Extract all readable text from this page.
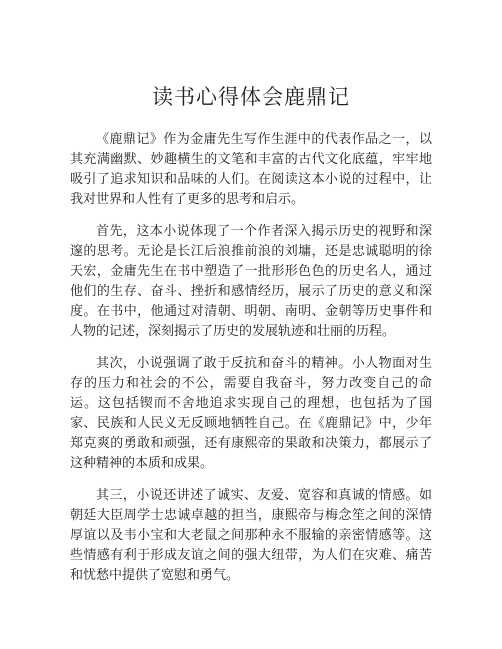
读书心得体会鹿鼎记

《鹿鼎记》作为金庸先生写作生涯中的代表作品之一，以其充满幽默、妙趣横生的文笔和丰富的古代文化底蕴，牢牢地吸引了追求知识和品味的人们。在阅读这本小说的过程中，让我对世界和人性有了更多的思考和启示。

首先，这本小说体现了一个作者深入揭示历史的视野和深邃的思考。无论是长江后浪推前浪的刘墉，还是忠诚聪明的徐天宏，金庸先生在书中塑造了一批形形色色的历史名人，通过他们的生存、奋斗、挫折和感情经历，展示了历史的意义和深度。在书中，他通过对清朝、明朝、南明、金朝等历史事件和人物的记述，深刻揭示了历史的发展轨迹和壮丽的历程。

其次，小说强调了敢于反抗和奋斗的精神。小人物面对生存的压力和社会的不公，需要自我奋斗，努力改变自己的命运。这包括锲而不舍地追求实现自己的理想，也包括为了国家、民族和人民义无反顾地牺牲自己。在《鹿鼎记》中，少年郑克爽的勇敢和顽强，还有康熙帝的果敢和决策力，都展示了这种精神的本质和成果。

其三，小说还讲述了诚实、友爱、宽容和真诚的情感。如朝廷大臣周学士忠诚卓越的担当，康熙帝与梅念笙之间的深情厚谊以及韦小宝和大老鼠之间那种永不服输的亲密情感等。这些情感有利于形成友谊之间的强大纽带，为人们在灾难、痛苦和忧愁中提供了宽慰和勇气。
